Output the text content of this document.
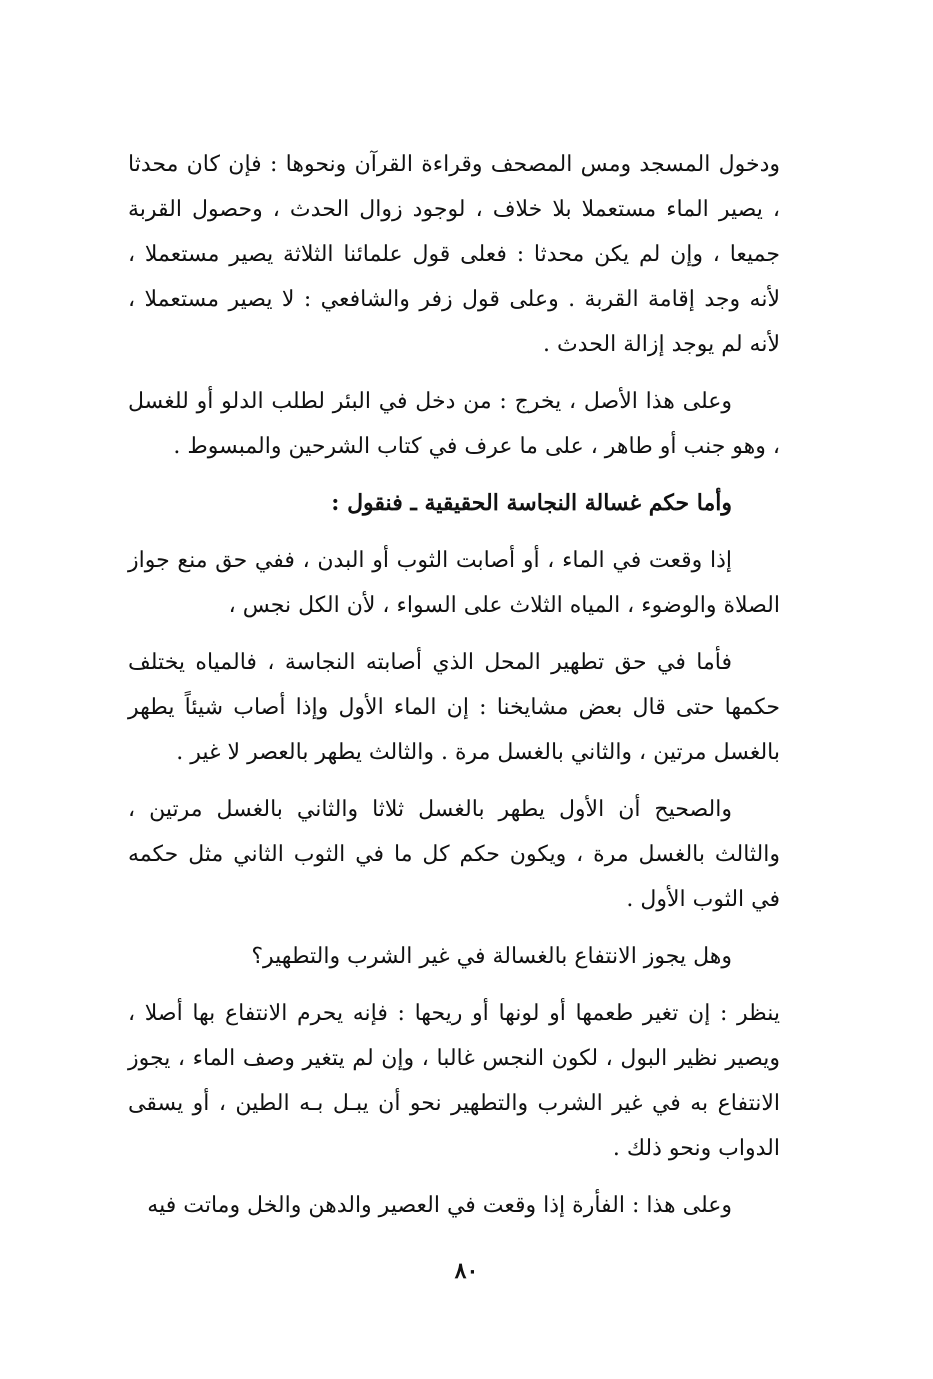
ودخول المسجد ومس المصحف وقراءة القرآن ونحوها : فإن كان محدثا ، يصير الماء مستعملا بلا خلاف ، لوجود زوال الحدث ، وحصول القربة جميعا ، وإن لم يكن محدثا : فعلى قول علمائنا الثلاثة يصير مستعملا ، لأنه وجد إقامة القربة . وعلى قول زفر والشافعي : لا يصير مستعملا ، لأنه لم يوجد إزالة الحدث .

وعلى هذا الأصل ، يخرج : من دخل في البئر لطلب الدلو أو للغسل ، وهو جنب أو طاهر ، على ما عرف في كتاب الشرحين والمبسوط .

وأما حكم غسالة النجاسة الحقيقية ـ فنقول :

إذا وقعت في الماء ، أو أصابت الثوب أو البدن ، ففي حق منع جواز الصلاة والوضوء ، المياه الثلاث على السواء ، لأن الكل نجس ،

فأما في حق تطهير المحل الذي أصابته النجاسة ، فالمياه يختلف حكمها حتى قال بعض مشايخنا : إن الماء الأول وإذا أصاب شيئاً يطهر بالغسل مرتين ، والثاني بالغسل مرة . والثالث يطهر بالعصر لا غير .

والصحيح أن الأول يطهر بالغسل ثلاثا والثاني بالغسل مرتين ، والثالث بالغسل مرة ، ويكون حكم كل ما في الثوب الثاني مثل حكمه في الثوب الأول .

وهل يجوز الانتفاع بالغسالة في غير الشرب والتطهير؟

ينظر : إن تغير طعمها أو لونها أو ريحها : فإنه يحرم الانتفاع بها أصلا ، ويصير نظير البول ، لكون النجس غالبا ، وإن لم يتغير وصف الماء ، يجوز الانتفاع به في غير الشرب والتطهير نحو أن يبـل بـه الطين ، أو يسقى الدواب ونحو ذلك .

وعلى هذا : الفأرة إذا وقعت في العصير والدهن والخل وماتت فيه

٨٠
